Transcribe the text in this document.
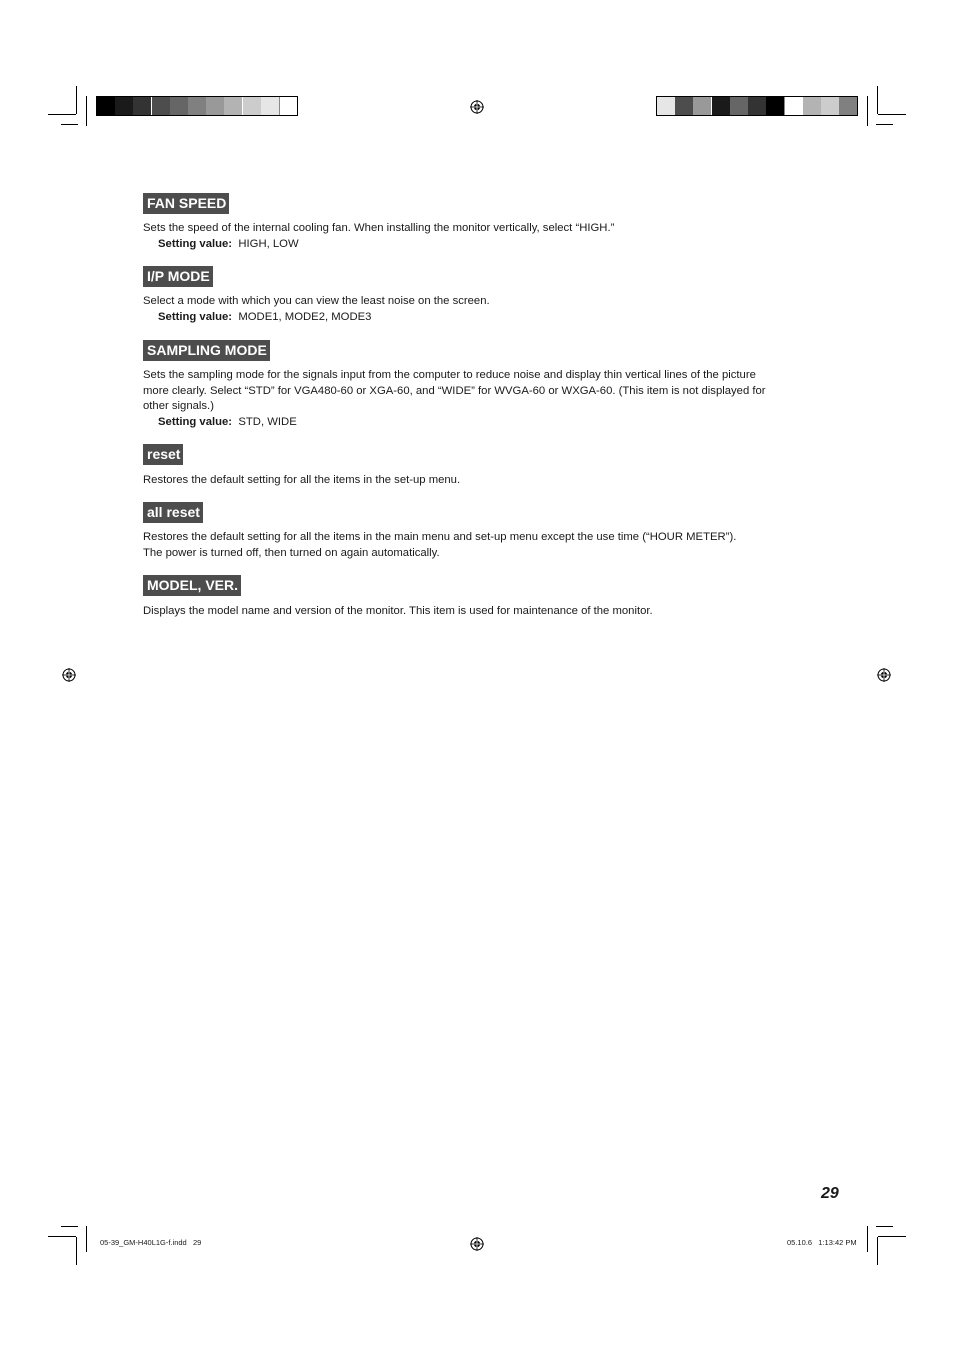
FAN SPEED
Sets the speed of the internal cooling fan. When installing the monitor vertically, select “HIGH.”
Setting value: HIGH, LOW
I/P MODE
Select a mode with which you can view the least noise on the screen.
Setting value: MODE1, MODE2, MODE3
SAMPLING MODE
Sets the sampling mode for the signals input from the computer to reduce noise and display thin vertical lines of the picture
more clearly. Select “STD” for VGA480-60 or XGA-60, and “WIDE” for WVGA-60 or WXGA-60. (This item is not displayed for
other signals.)
Setting value: STD, WIDE
reset
Restores the default setting for all the items in the set-up menu.
all reset
Restores the default setting for all the items in the main menu and set-up menu except the use time (“HOUR METER”).
The power is turned off, then turned on again automatically.
MODEL, VER.
Displays the model name and version of the monitor. This item is used for maintenance of the monitor.
29
05-39_GM-H40L1G-f.indd   29	05.10.6   1:13:42 PM
